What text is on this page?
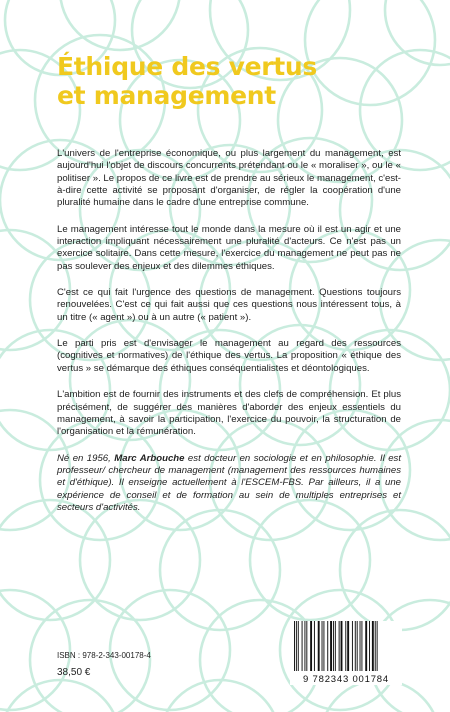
Éthique des vertus
et management

L'univers de l'entreprise économique, ou plus largement du management, est aujourd'hui l'objet de discours concurrents prétendant ou le « moraliser », ou le « politiser ». Le propos de ce livre est de prendre au sérieux le management, c'est-à-dire cette activité se proposant d'organiser, de régler la coopération d'une pluralité humaine dans le cadre d'une entreprise commune.

Le management intéresse tout le monde dans la mesure où il est un agir et une interaction impliquant nécessairement une pluralité d'acteurs. Ce n'est pas un exercice solitaire. Dans cette mesure, l'exercice du management ne peut pas ne pas soulever des enjeux et des dilemmes éthiques.

C'est ce qui fait l'urgence des questions de management. Questions toujours renouvelées. C'est ce qui fait aussi que ces questions nous intéressent tous, à un titre (« agent ») ou à un autre (« patient »).

Le parti pris est d'envisager le management au regard des ressources (cognitives et normatives) de l'éthique des vertus. La proposition « éthique des vertus » se démarque des éthiques conséquentialistes et déontologiques.

L'ambition est de fournir des instruments et des clefs de compréhension. Et plus précisément, de suggérer des manières d'aborder des enjeux essentiels du management, à savoir la participation, l'exercice du pouvoir, la structuration de l'organisation et la rémunération.

Né en 1956, Marc Arbouche est docteur en sociologie et en philosophie. Il est professeur/ chercheur de management (management des ressources humaines et d'éthique). Il enseigne actuellement à l'ESCEM-FBS. Par ailleurs, il a une expérience de conseil et de formation au sein de multiples entreprises et secteurs d'activités.

ISBN : 978-2-343-00178-4
38,50 €
9 782343 001784
